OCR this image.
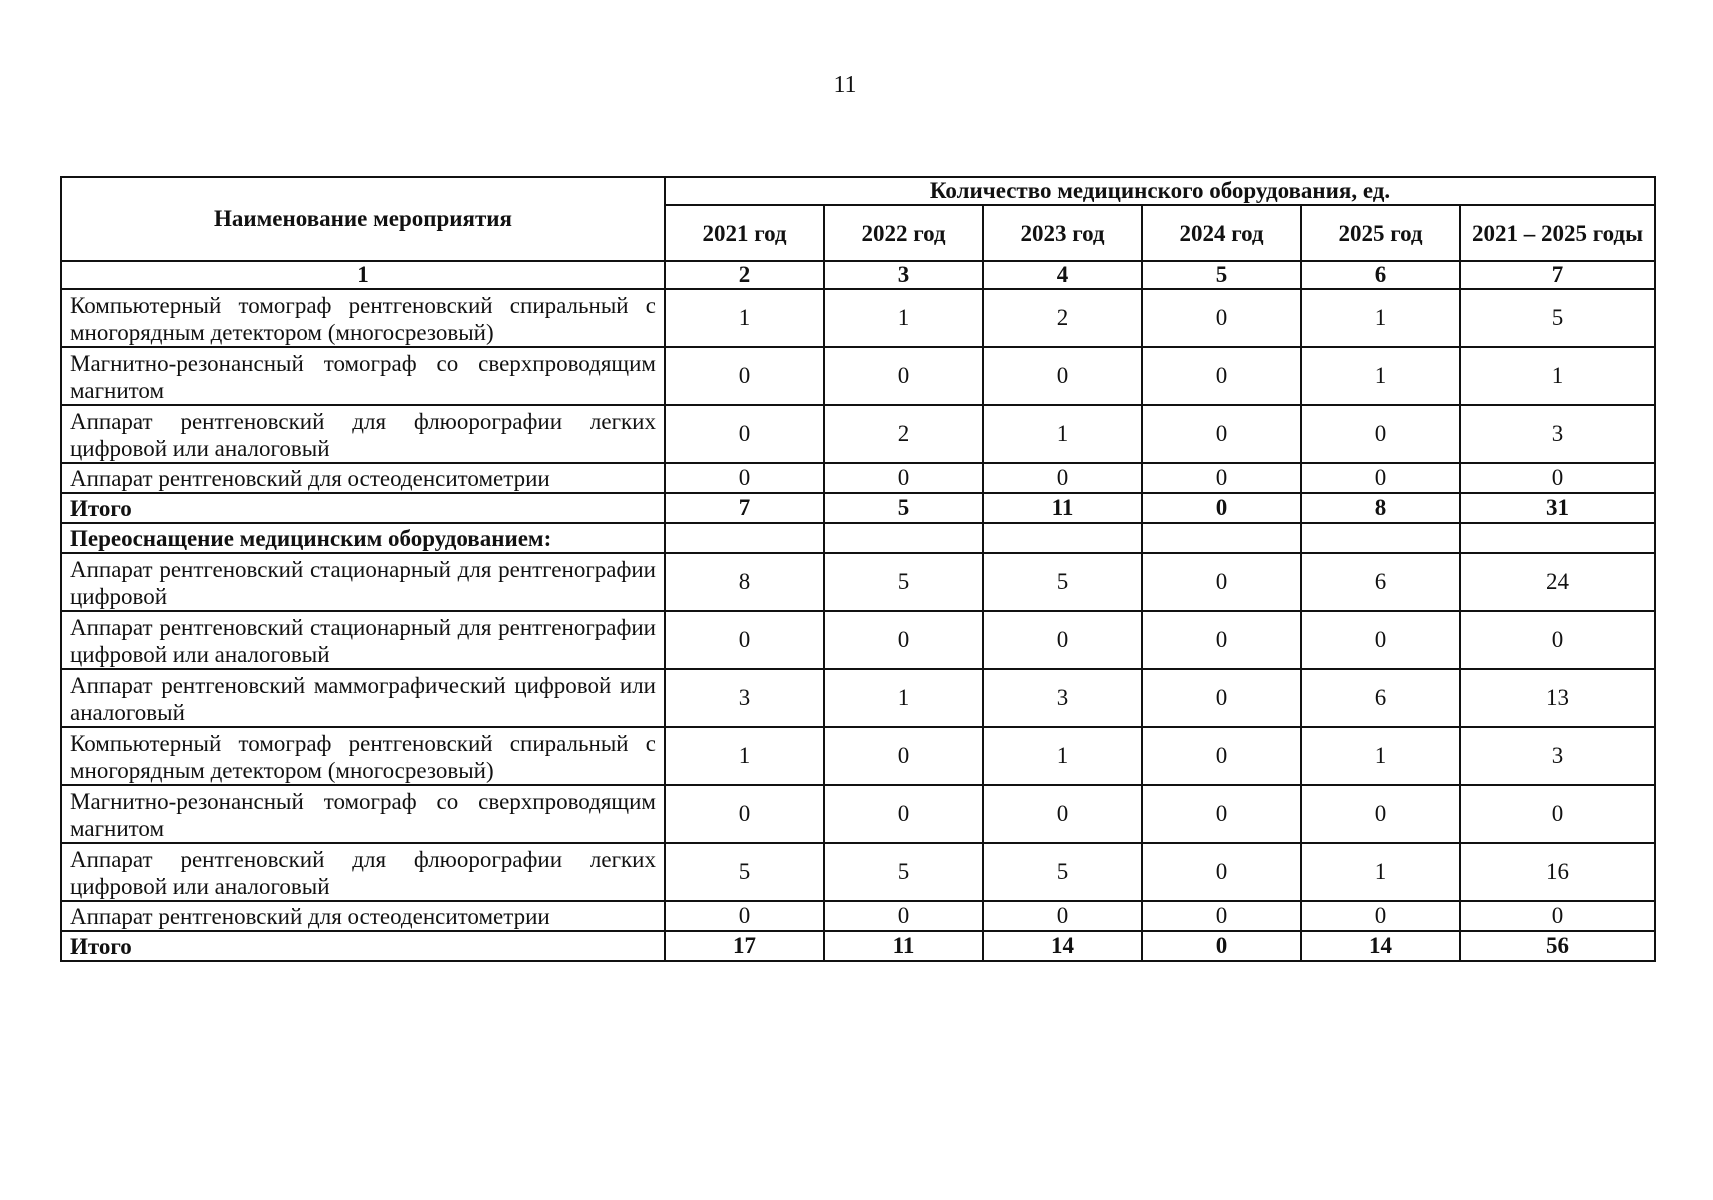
11
Наименование мероприятия	Количество медицинского оборудования, ед.					
	2021 год	2022 год	2023 год	2024 год	2025 год	2021 – 2025 годы
1	2	3	4	5	6	7
Компьютерный томограф рентгеновский спиральный с многорядным детектором (многосрезовый)	1	1	2	0	1	5
Магнитно-резонансный томограф со сверхпроводящим магнитом	0	0	0	0	1	1
Аппарат рентгеновский для флюорографии легких цифровой или аналоговый	0	2	1	0	0	3
Аппарат рентгеновский для остеоденситометрии	0	0	0	0	0	0
Итого	7	5	11	0	8	31
Переоснащение медицинским оборудованием:						
Аппарат рентгеновский стационарный для рентгенографии цифровой	8	5	5	0	6	24
Аппарат рентгеновский стационарный для рентгенографии цифровой или аналоговый	0	0	0	0	0	0
Аппарат рентгеновский маммографический цифровой или аналоговый	3	1	3	0	6	13
Компьютерный томограф рентгеновский спиральный с многорядным детектором (многосрезовый)	1	0	1	0	1	3
Магнитно-резонансный томограф со сверхпроводящим магнитом	0	0	0	0	0	0
Аппарат рентгеновский для флюорографии легких цифровой или аналоговый	5	5	5	0	1	16
Аппарат рентгеновский для остеоденситометрии	0	0	0	0	0	0
Итого	17	11	14	0	14	56
